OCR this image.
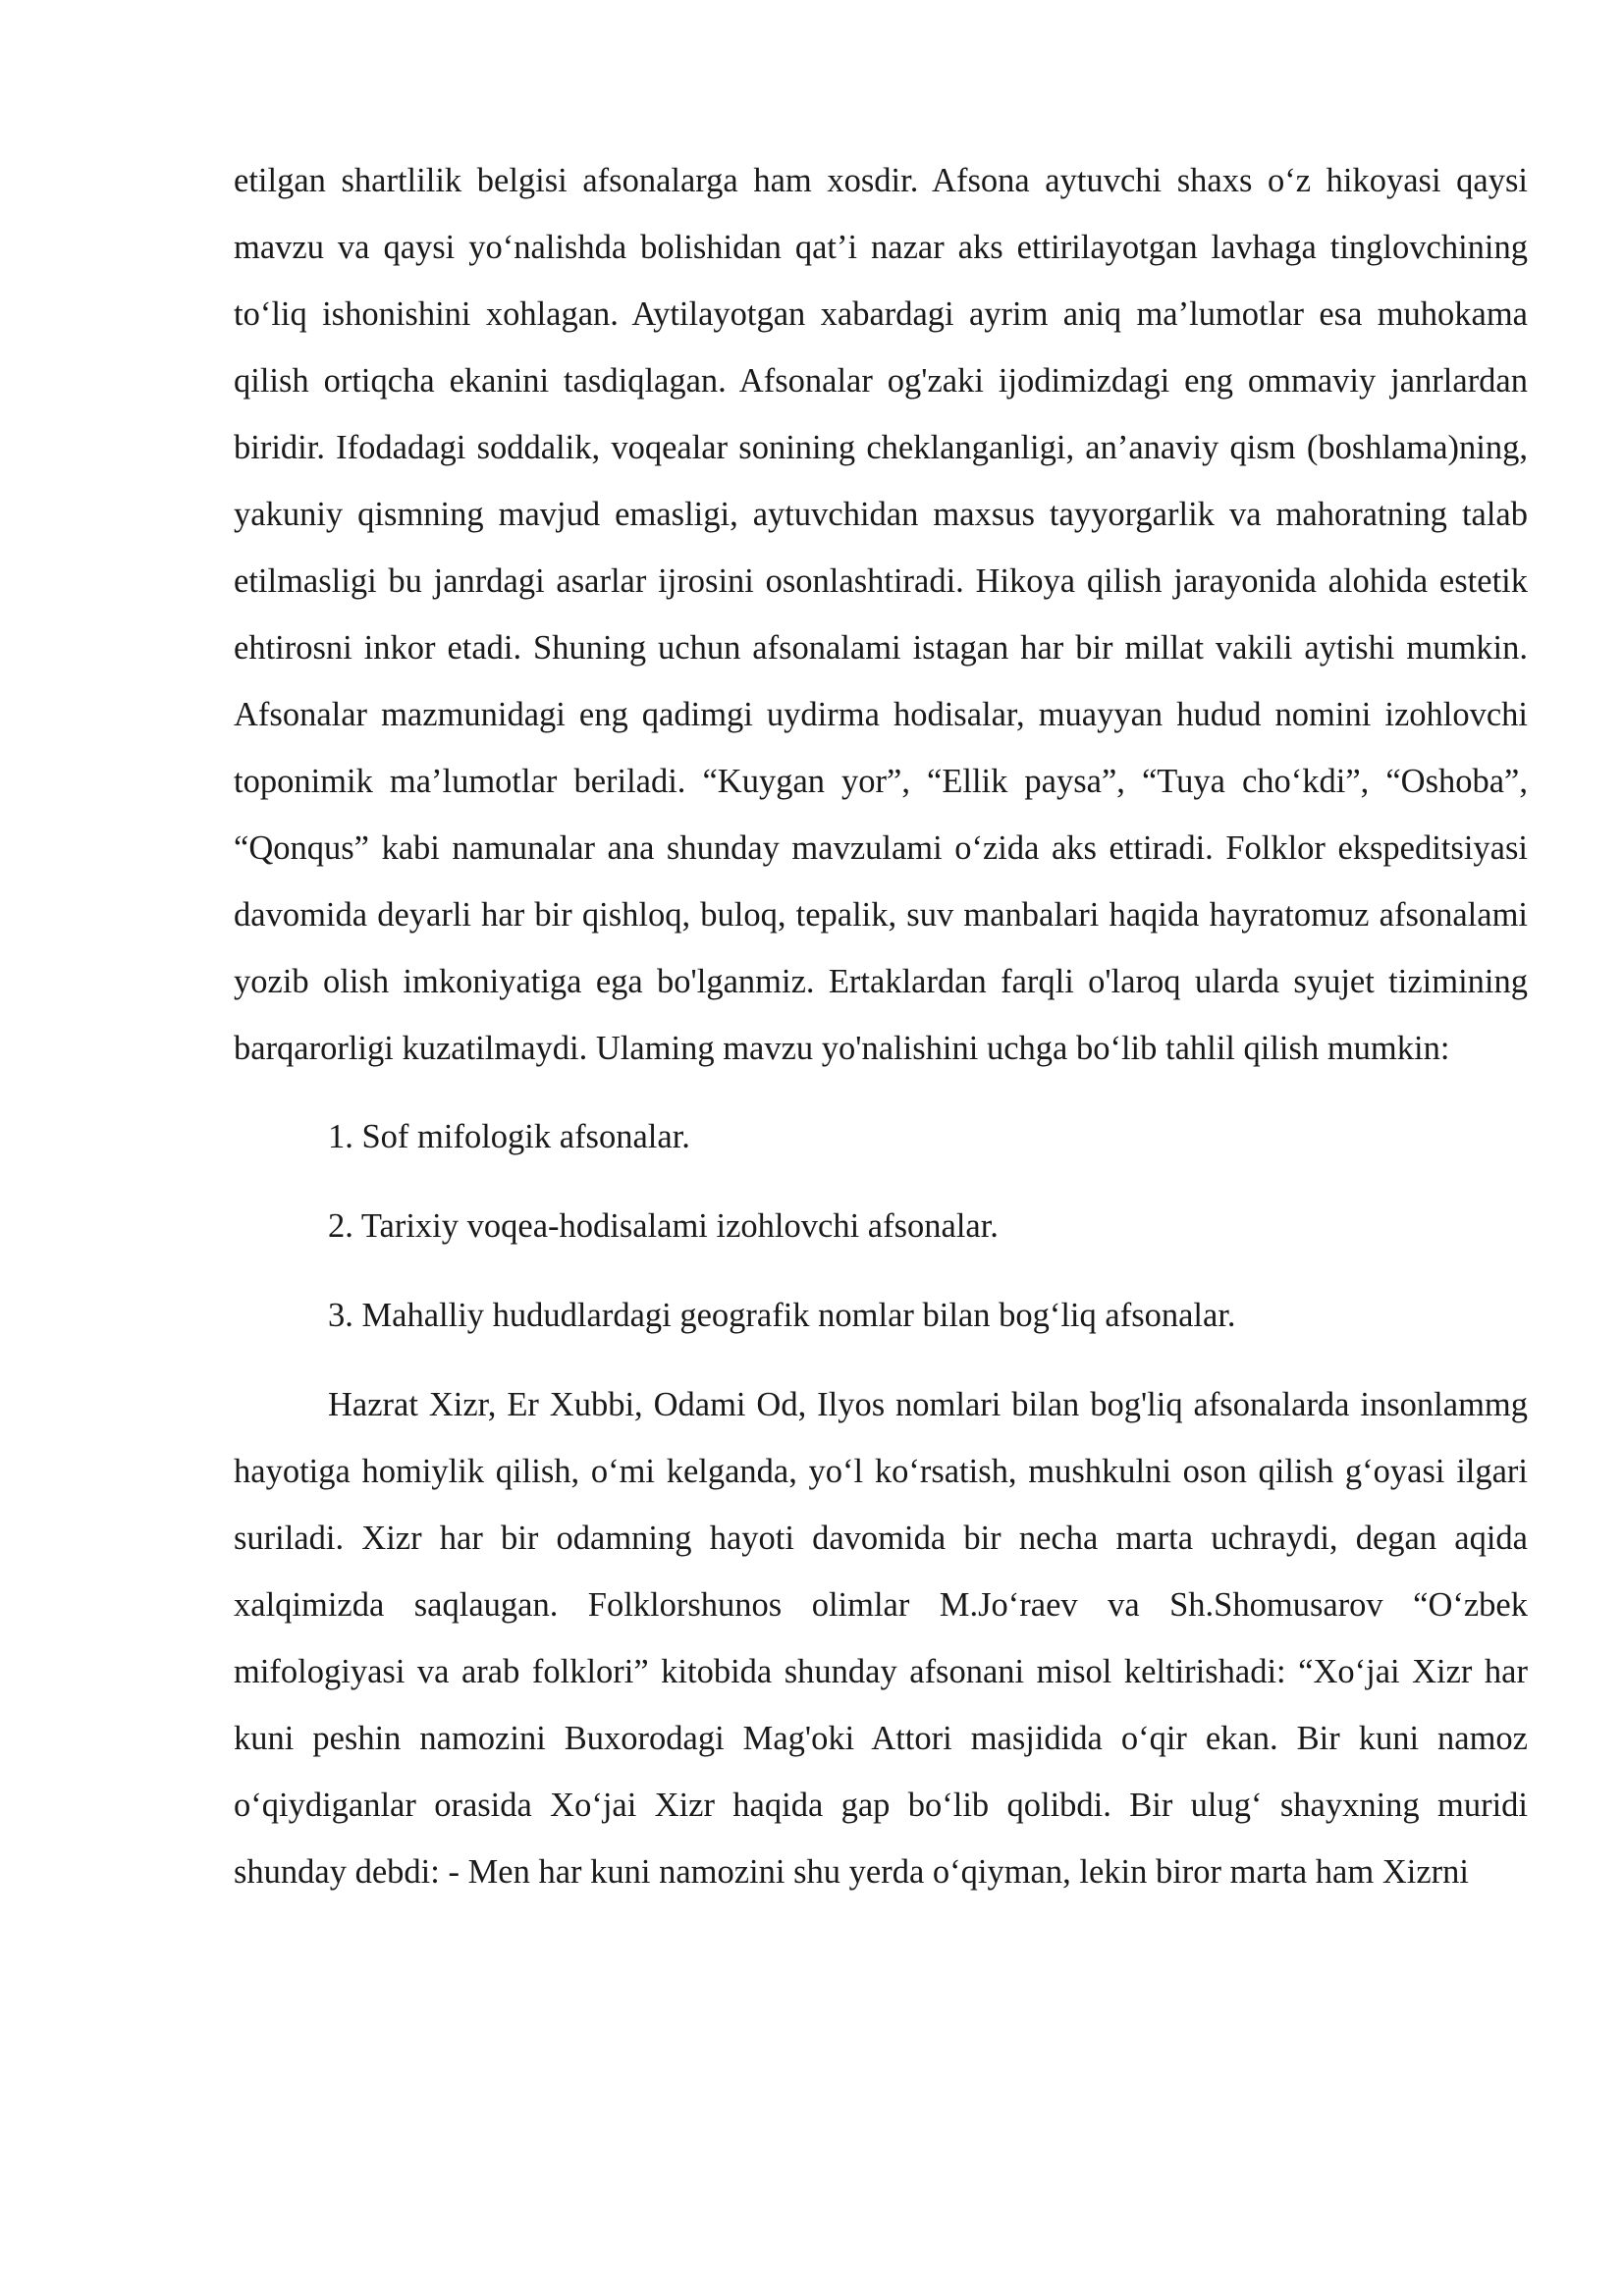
etilgan shartlilik belgisi afsonalarga ham xosdir. Afsona aytuvchi shaxs o‘z hikoyasi qaysi mavzu va qaysi yo‘nalishda bolishidan qat’i nazar aks ettirilayotgan lavhaga tinglovchining to‘liq ishonishini xohlagan. Aytilayotgan xabardagi ayrim aniq ma’lumotlar esa muhokama qilish ortiqcha ekanini tasdiqlagan. Afsonalar og'zaki ijodimizdagi eng ommaviy janrlardan biridir. Ifodadagi soddalik, voqealar sonining cheklanganligi, an’anaviy qism (boshlama)ning, yakuniy qismning mavjud emasligi, aytuvchidan maxsus tayyorgarlik va mahoratning talab etilmasligi bu janrdagi asarlar ijrosini osonlashtiradi. Hikoya qilish jarayonida alohida estetik ehtirosni inkor etadi. Shuning uchun afsonalami istagan har bir millat vakili aytishi mumkin. Afsonalar mazmunidagi eng qadimgi uydirma hodisalar, muayyan hudud nomini izohlovchi toponimik ma’lumotlar beriladi. “Kuygan yor”, “Ellik paysa”, “Tuya cho‘kdi”, “Oshoba”, “Qonqus” kabi namunalar ana shunday mavzulami o‘zida aks ettiradi. Folklor ekspeditsiyasi davomida deyarli har bir qishloq, buloq, tepalik, suv manbalari haqida hayratomuz afsonalami yozib olish imkoniyatiga ega bo'lganmiz. Ertaklardan farqli o'laroq ularda syujet tizimining barqarorligi kuzatilmaydi. Ulaming mavzu yo'nalishini uchga bo‘lib tahlil qilish mumkin:

1. Sof mifologik afsonalar.
2. Tarixiy voqea-hodisalami izohlovchi afsonalar.
3. Mahalliy hududlardagi geografik nomlar bilan bog‘liq afsonalar.

Hazrat Xizr, Er Xubbi, Odami Od, Ilyos nomlari bilan bog'liq afsonalarda insonlammg hayotiga homiylik qilish, o‘mi kelganda, yo‘l ko‘rsatish, mushkulni oson qilish g‘oyasi ilgari suriladi. Xizr har bir odamning hayoti davomida bir necha marta uchraydi, degan aqida xalqimizda saqlaugan. Folklorshunos olimlar M.Jo‘raev va Sh.Shomusarov “O‘zbek mifologiyasi va arab folklori” kitobida shunday afsonani misol keltirishadi: “Xo‘jai Xizr har kuni peshin namozini Buxorodagi Mag'oki Attori masjidida o‘qir ekan. Bir kuni namoz o‘qiydiganlar orasida Xo‘jai Xizr haqida gap bo‘lib qolibdi. Bir ulug‘ shayxning muridi shunday debdi: - Men har kuni namozini shu yerda o‘qiyman, lekin biror marta ham Xizrni
